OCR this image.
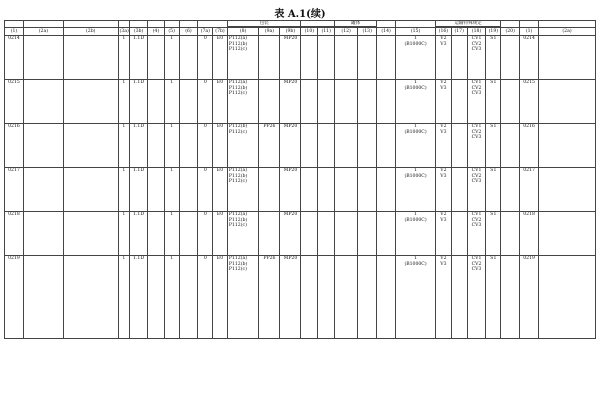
表 A.1(续)
										包装					罐体				运输特殊规定						

(1)	(2a)	(2b)	(3a)	(3b)	(4)	(5)	(6)	(7a)	(7b)	(8)	(9a)	(9b)	(10)	(11)	(12)	(13)	(14)	(15)	(16)	(17)	(18)	(19)	(20)	(1)	(2a)
0214			1	1.1D		1		0	E0	P112(a)
P112(b)
P112(c)		MP20						1
(B1000C)	V2
V3		CV1
CV2
CV3	S1		0214	
0215			1	1.1D		1		0	E0	P112(a)
P112(b)
P112(c)		MP20						1
(B1000C)	V2
V3		CV1
CV2
CV3	S1		0215	
0216			1	1.1D		1		0	E0	P112(b)
P112(c)	PP26	MP20						1
(B1000C)	V2
V3		CV1
CV2
CV3	S1		0216	
0217			1	1.1D		1		0	E0	P112(a)
P112(b)
P112(c)		MP20						1
(B1000C)	V2
V3		CV1
CV2
CV3	S1		0217	
0218			1	1.1D		1		0	E0	P112(a)
P112(b)
P112(c)		MP20						1
(B1000C)	V2
V3		CV1
CV2
CV3	S1		0218	
0219			1	1.1D		1		0	E0	P112(a)
P112(b)
P112(c)	PP26	MP20						1
(B1000C)	V2
V3		CV1
CV2
CV3	S1		0219	
